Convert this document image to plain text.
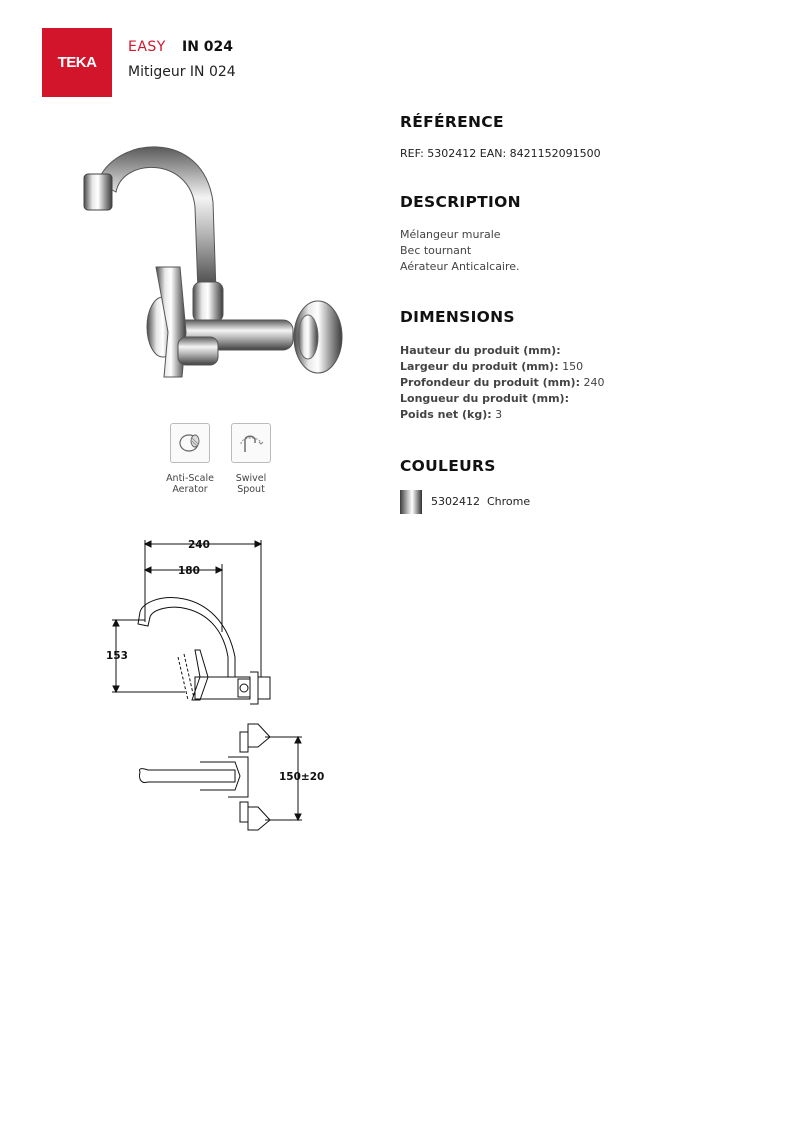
TEKA
EASY IN 024
Mitigeur IN 024
Anti-Scale
Aerator
Swivel
Spout
240
180
153
150±20
RÉFÉRENCE
REF: 5302412 EAN: 8421152091500
DESCRIPTION
Mélangeur murale
Bec tournant
Aérateur Anticalcaire.
DIMENSIONS
Hauteur du produit (mm):
Largeur du produit (mm): 150
Profondeur du produit (mm): 240
Longueur du produit (mm):
Poids net (kg): 3
COULEURS
5302412  Chrome
